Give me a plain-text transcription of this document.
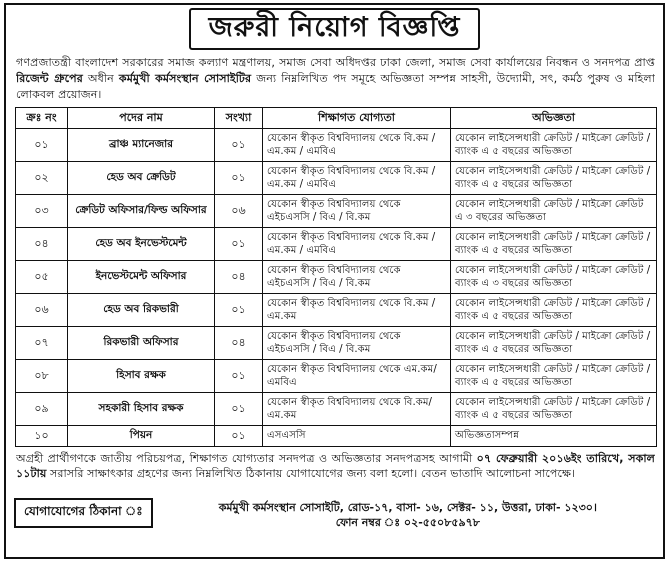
জরুরী নিয়োগ বিজ্ঞপ্তি
গণপ্রজাতন্ত্রী বাংলাদেশ সরকারের সমাজ কল্যাণ মন্ত্রণালয়, সমাজ সেবা অধিদপ্তর ঢাকা জেলা, সমাজ সেবা কার্যালয়ের নিবন্ধন ও সনদপত্র প্রাপ্ত রিজেন্ট গ্রুপের অধীন কর্মমুখী কর্মসংস্থান সোসাইটির জন্য নিম্নলিখিত পদ সমূহে অভিজ্ঞতা সম্পন্ন সাহসী, উদ্যোমী, সৎ, কর্মঠ পুরুষ ও মহিলা লোকবল প্রয়োজন।
ক্রঃ নং	পদের নাম	সংখ্যা	শিক্ষাগত যোগ্যতা	অভিজ্ঞতা
০১	ব্রাঞ্চ ম্যানেজার	০১	যেকোন স্বীকৃত বিশ্ববিদ্যালয় থেকে বি.কম / এম.কম / এমবিএ	যেকোন লাইসেন্সধারী ক্রেডিট / মাইক্রো ক্রেডিট / ব্যাংক এ ৫ বছরের অভিজ্ঞতা
০২	হেড অব ক্রেডিট	০১	যেকোন স্বীকৃত বিশ্ববিদ্যালয় থেকে বি.কম / এম.কম / এমবিএ	যেকোন লাইসেন্সধারী ক্রেডিট / মাইক্রো ক্রেডিট / ব্যাংক এ ৫ বছরের অভিজ্ঞতা
০৩	ক্রেডিট অফিসার/ফিল্ড অফিসার	০৬	যেকোন স্বীকৃত বিশ্ববিদ্যালয় থেকে এইচএসসি / বিএ / বি.কম	যেকোন লাইসেন্সধারী ক্রেডিট / মাইক্রো ক্রেডিট এ ৩ বছরের অভিজ্ঞতা
০৪	হেড অব ইনভেস্টমেন্ট	০১	যেকোন স্বীকৃত বিশ্ববিদ্যালয় থেকে বি.কম / এম.কম / এমবিএ	যেকোন লাইসেন্সধারী ক্রেডিট / মাইক্রো ক্রেডিট / ব্যাংক এ ৫ বছরের অভিজ্ঞতা
০৫	ইনভেস্টমেন্ট অফিসার	০৪	যেকোন স্বীকৃত বিশ্ববিদ্যালয় থেকে এইচএসসি / বিএ / বি.কম	যেকোন লাইসেন্সধারী ক্রেডিট / মাইক্রো ক্রেডিট / ব্যাংক এ ৩ বছরের অভিজ্ঞতা
০৬	হেড অব রিকভারী	০১	যেকোন স্বীকৃত বিশ্ববিদ্যালয় থেকে বি.কম / এম.কম	যেকোন লাইসেন্সধারী ক্রেডিট / মাইক্রো ক্রেডিট / ব্যাংক এ ৫ বছরের অভিজ্ঞতা
০৭	রিকভারী অফিসার	০৪	যেকোন স্বীকৃত বিশ্ববিদ্যালয় থেকে এইচএসসি / বিএ / বি.কম	যেকোন লাইসেন্সধারী ক্রেডিট / মাইক্রো ক্রেডিট / ব্যাংক এ ৫ বছরের অভিজ্ঞতা
০৮	হিসাব রক্ষক	০১	যেকোন স্বীকৃত বিশ্ববিদ্যালয় থেকে এম.কম/এমবিএ	যেকোন লাইসেন্সধারী ক্রেডিট / মাইক্রো ক্রেডিট / ব্যাংক এ ৫ বছরের অভিজ্ঞতা
০৯	সহকারী হিসাব রক্ষক	০১	যেকোন স্বীকৃত বিশ্ববিদ্যালয় থেকে বি.কম/এম.কম	যেকোন লাইসেন্সধারী ক্রেডিট / মাইক্রো ক্রেডিট / ব্যাংক এ ৫ বছরের অভিজ্ঞতা
১০	পিয়ন	০১	এসএসসি	অভিজ্ঞতাসম্পন্ন
অগ্রহী প্রার্থীগণকে জাতীয় পরিচয়পত্র, শিক্ষাগত যোগ্যতার সনদপত্র ও অভিজ্ঞতার সনদপত্রসহ আগামী ০৭ ফেব্রুয়ারী ২০১৬ইং তারিখে, সকাল ১১টায় সরাসরি সাক্ষাৎকার গ্রহণের জন্য নিম্নলিখিত ঠিকানায় যোগাযোগের জন্য বলা হলো। বেতন ভাতাদি আলোচনা সাপেক্ষে।
যোগাযোগের ঠিকানা ঃ	কর্মমুখী কর্মসংস্থান সোসাইটি, রোড-১৭, বাসা- ১৬, সেক্টর- ১১, উত্তরা, ঢাকা- ১২৩০।
ফোন নম্বর ঃ ০২-৫৫০৮৫৯৭৮
